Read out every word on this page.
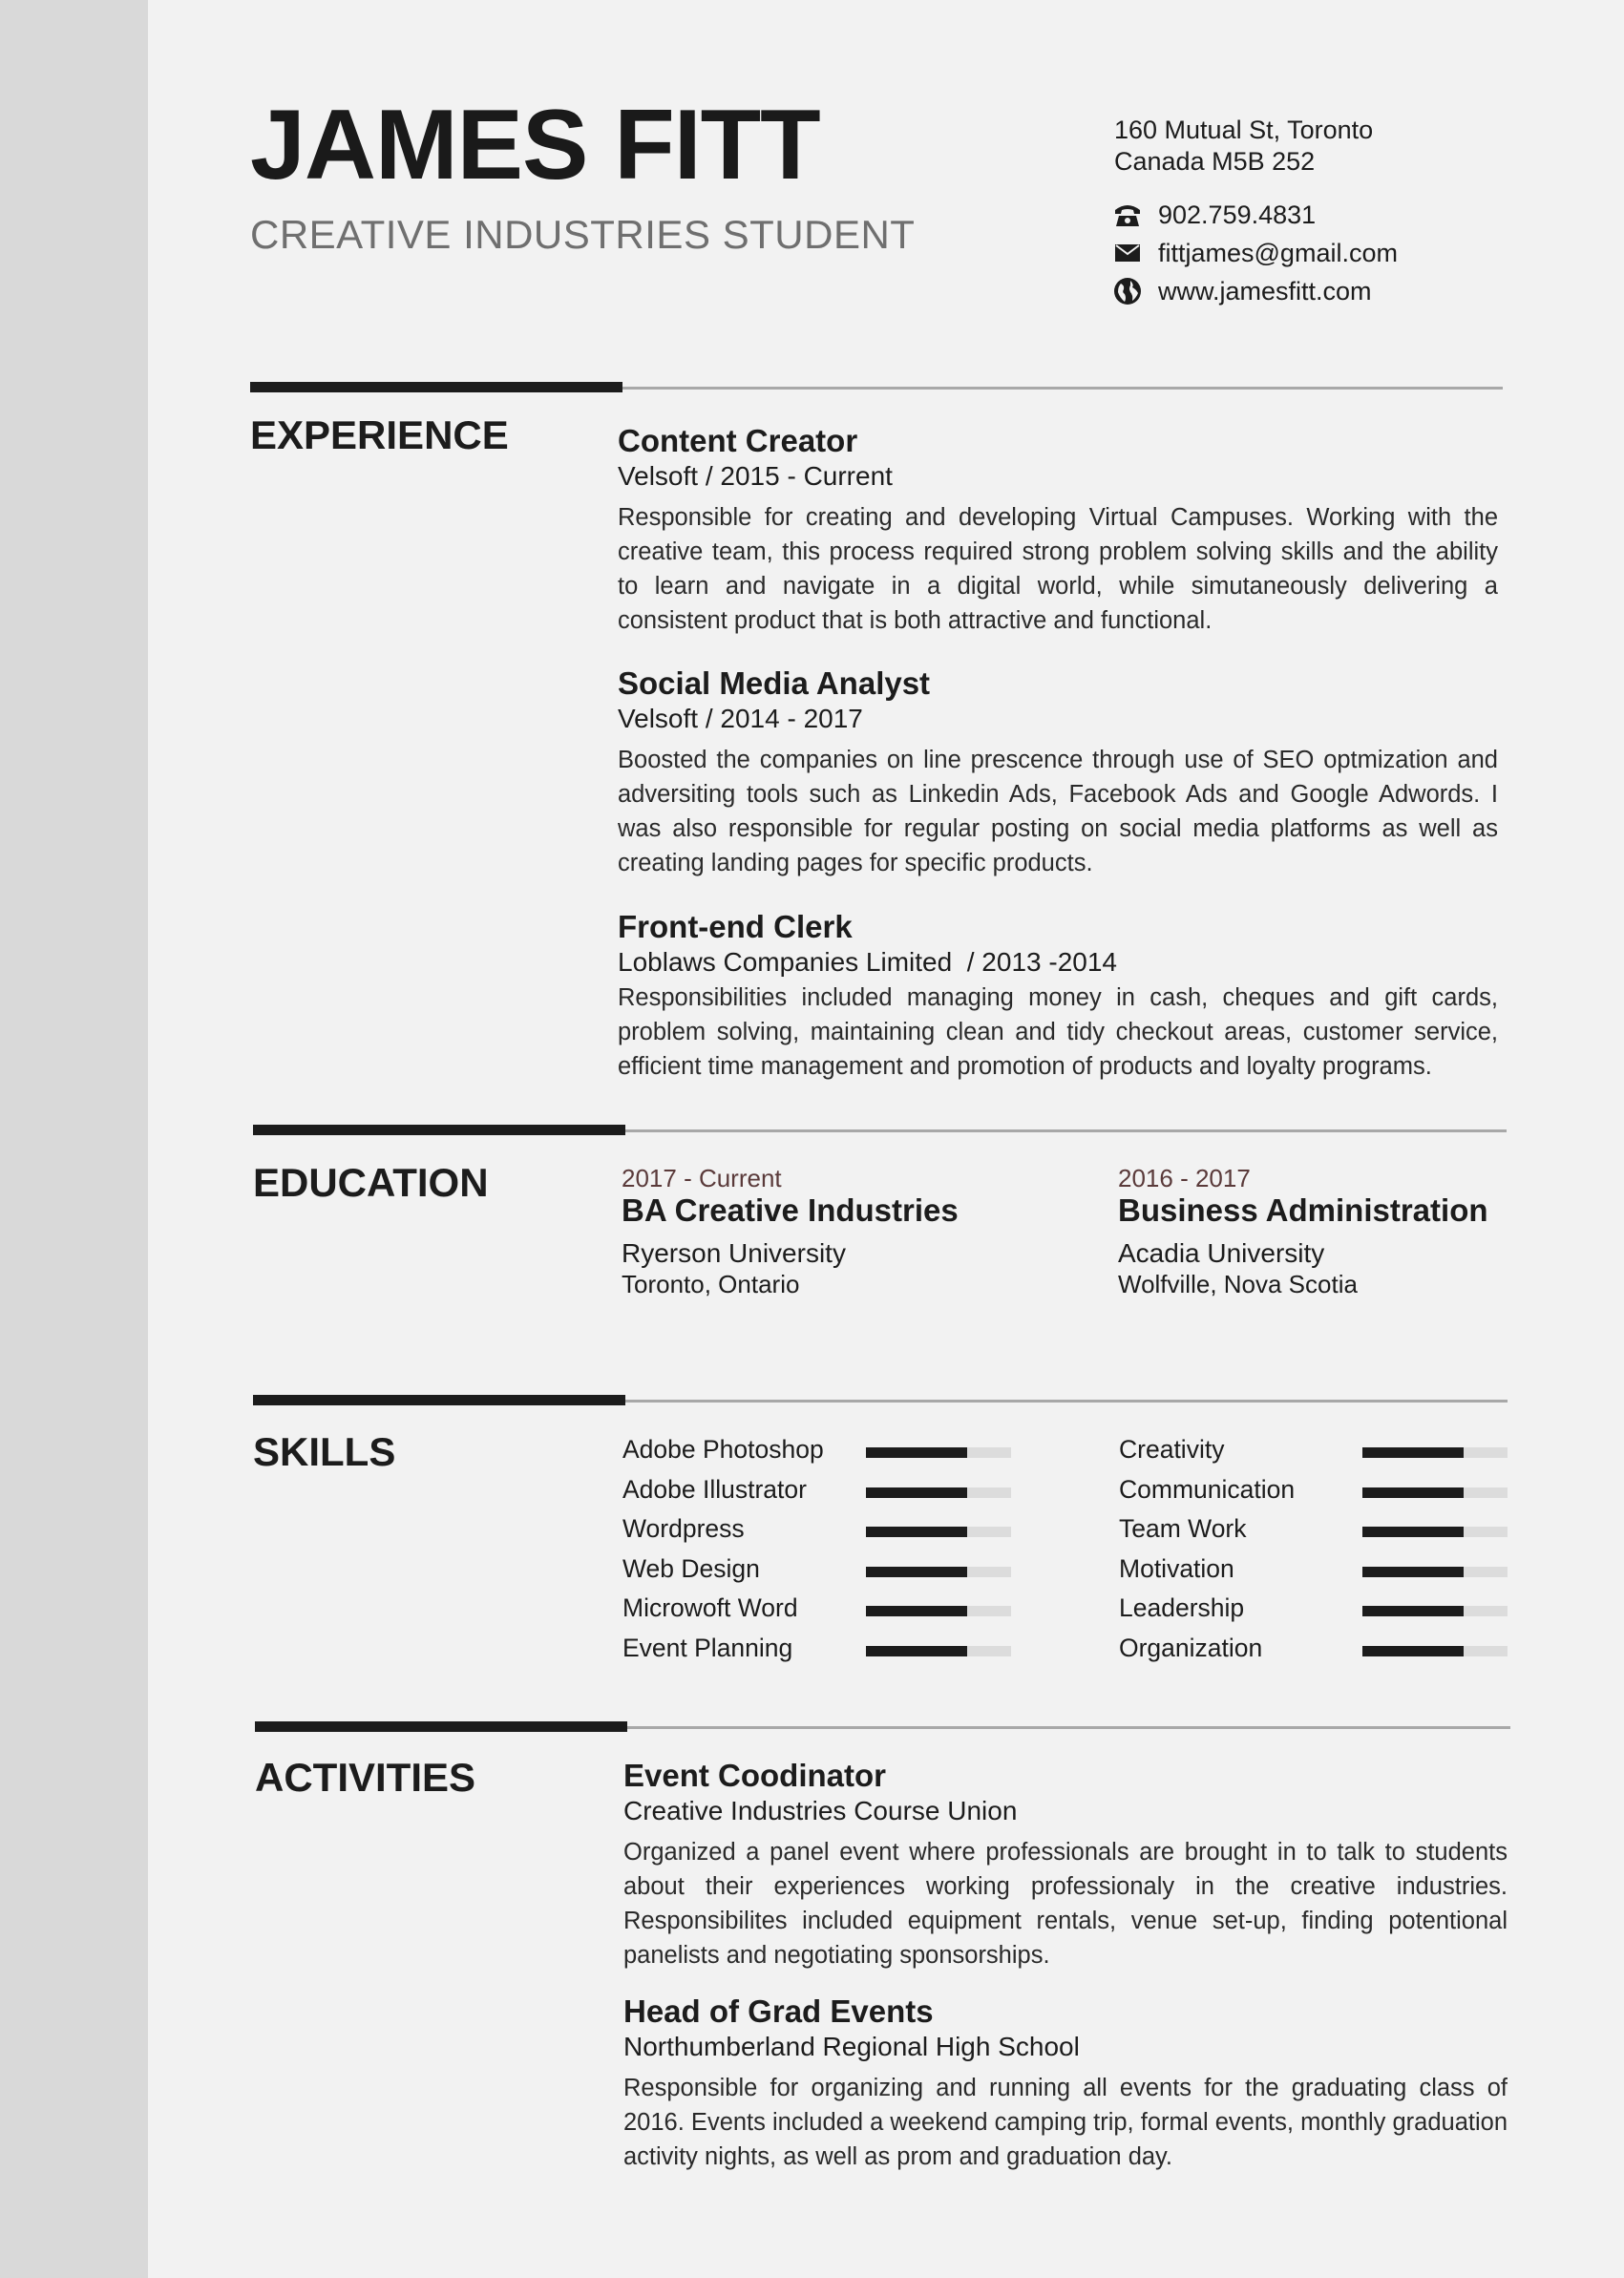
JAMES FITT
CREATIVE INDUSTRIES STUDENT
160 Mutual St, Toronto
Canada M5B 252
902.759.4831
fittjames@gmail.com
www.jamesfitt.com
EXPERIENCE	Content Creator
Velsoft / 2015 - Current
Responsible for creating and developing Virtual Campuses. Working with the creative team, this process required strong problem solving skills and the ability to learn and navigate in a digital world, while simutaneously delivering a consistent product that is both attractive and functional.
Social Media Analyst
Velsoft / 2014 - 2017
Boosted the companies on line prescence through use of SEO optmization and adversiting tools such as Linkedin Ads, Facebook Ads and Google Adwords. I was also responsible for regular posting on social media platforms as well as creating landing pages for specific products.
Front-end Clerk
Loblaws Companies Limited  / 2013 -2014
Responsibilities included managing money in cash, cheques and gift cards, problem solving, maintaining clean and tidy checkout areas, customer service, efficient time management and promotion of products and loyalty programs.
EDUCATION	2017 - Current
BA Creative Industries
Ryerson University
Toronto, Ontario
2016 - 2017
Business Administration
Acadia University
Wolfville, Nova Scotia
SKILLS	Adobe Photoshop
Adobe Illustrator
Wordpress
Web Design
Microwoft Word
Event Planning
Creativity
Communication
Team Work
Motivation
Leadership
Organization
ACTIVITIES	Event Coodinator
Creative Industries Course Union
Organized a panel event where professionals are brought in to talk to students about their experiences working professionaly in the creative industries. Responsibilites included equipment rentals, venue set-up, finding potentional panelists and negotiating sponsorships.
Head of Grad Events
Northumberland Regional High School
Responsible for organizing and running all events for the graduating class of 2016. Events included a weekend camping trip, formal events, monthly graduation activity nights, as well as prom and graduation day.
